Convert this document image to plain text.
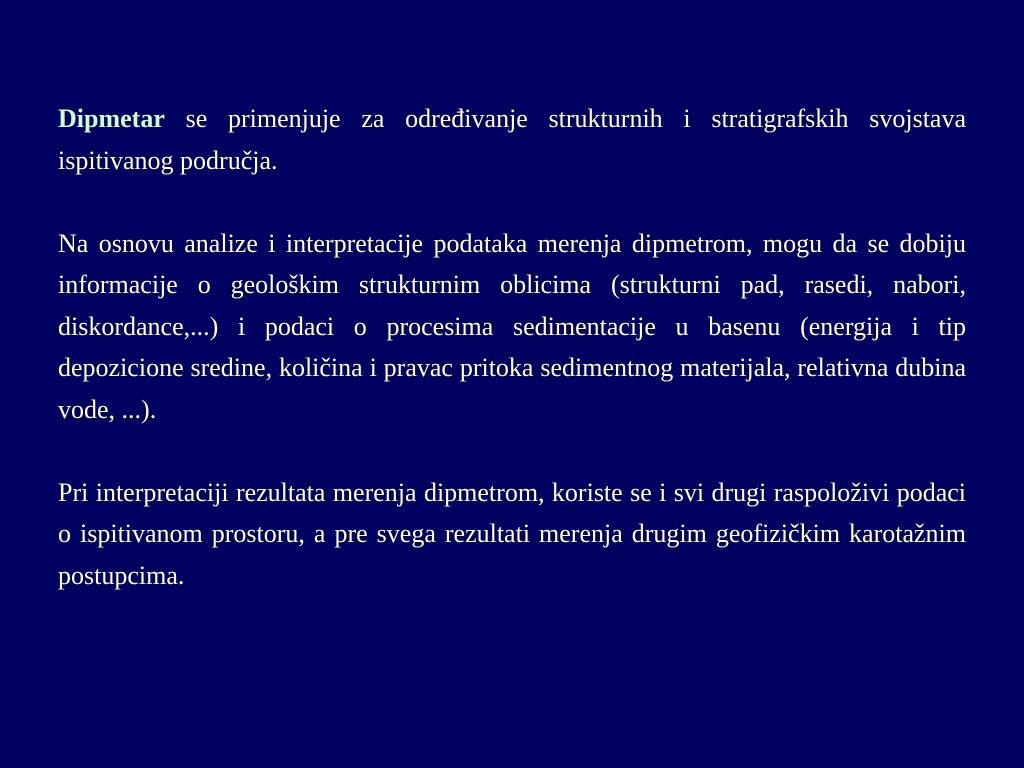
Dipmetar se primenjuje za određivanje strukturnih i stratigrafskih svojstava ispitivanog područja.

Na osnovu analize i interpretacije podataka merenja dipmetrom, mogu da se dobiju informacije o geološkim strukturnim oblicima (strukturni pad, rasedi, nabori, diskordance,...) i podaci o procesima sedimentacije u basenu (energija i tip depozicione sredine, količina i pravac pritoka sedimentnog materijala, relativna dubina vode, ...).

Pri interpretaciji rezultata merenja dipmetrom, koriste se i svi drugi raspoloživi podaci o ispitivanom prostoru, a pre svega rezultati merenja drugim geofizičkim karotažnim postupcima.
